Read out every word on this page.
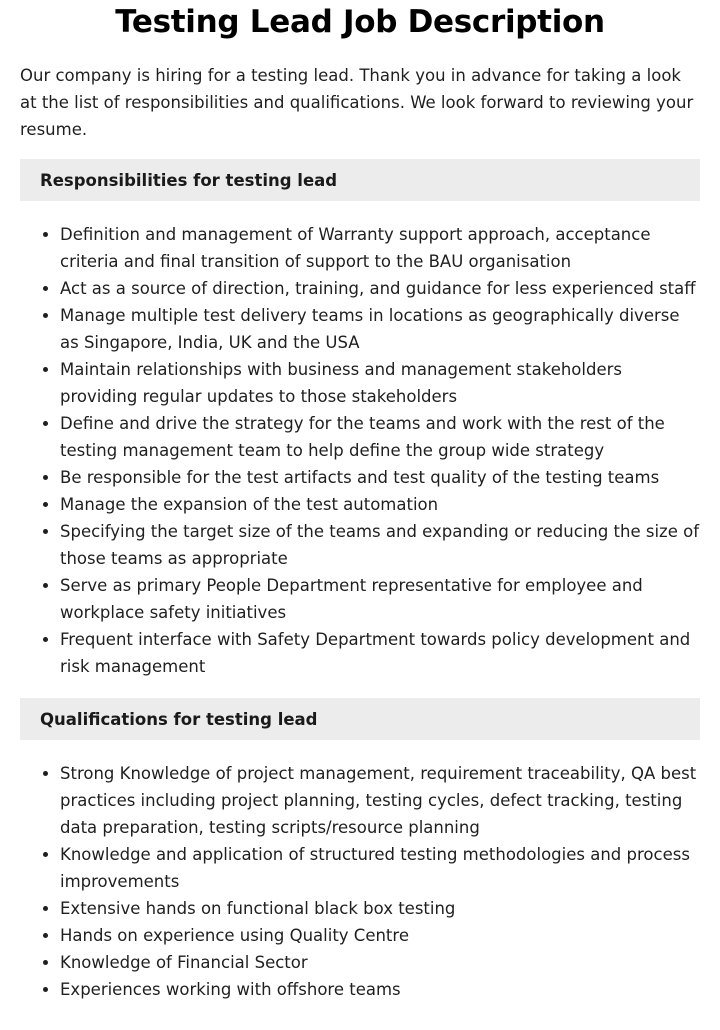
Testing Lead Job Description

Our company is hiring for a testing lead. Thank you in advance for taking a look at the list of responsibilities and qualifications. We look forward to reviewing your resume.

Responsibilities for testing lead
• Definition and management of Warranty support approach, acceptance criteria and final transition of support to the BAU organisation
• Act as a source of direction, training, and guidance for less experienced staff
• Manage multiple test delivery teams in locations as geographically diverse as Singapore, India, UK and the USA
• Maintain relationships with business and management stakeholders providing regular updates to those stakeholders
• Define and drive the strategy for the teams and work with the rest of the testing management team to help define the group wide strategy
• Be responsible for the test artifacts and test quality of the testing teams
• Manage the expansion of the test automation
• Specifying the target size of the teams and expanding or reducing the size of those teams as appropriate
• Serve as primary People Department representative for employee and workplace safety initiatives
• Frequent interface with Safety Department towards policy development and risk management
Qualifications for testing lead
• Strong Knowledge of project management, requirement traceability, QA best practices including project planning, testing cycles, defect tracking, testing data preparation, testing scripts/resource planning
• Knowledge and application of structured testing methodologies and process improvements
• Extensive hands on functional black box testing
• Hands on experience using Quality Centre
• Knowledge of Financial Sector
• Experiences working with offshore teams
